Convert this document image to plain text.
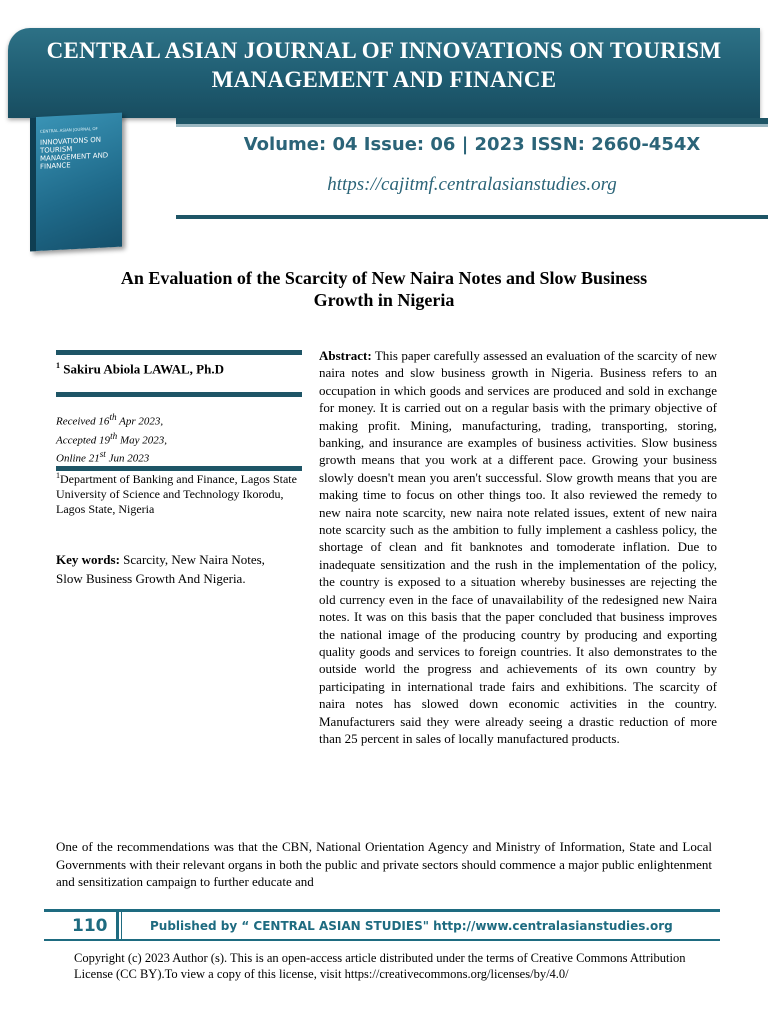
CENTRAL ASIAN JOURNAL OF INNOVATIONS ON TOURISM
MANAGEMENT AND FINANCE
Volume: 04 Issue: 06 | 2023 ISSN: 2660-454X
https://cajitmf.centralasianstudies.org
CENTRAL ASIAN JOURNAL OF
INNOVATIONS ON TOURISM MANAGEMENT AND FINANCE
An Evaluation of the Scarcity of New Naira Notes and Slow Business
Growth in Nigeria
$^1$ Sakiru Abiola LAWAL, Ph.D
Received 16th Apr 2023,
Accepted 19th May 2023,
Online 21st Jun 2023
$^1$Department of Banking and Finance, Lagos State University of Science and Technology Ikorodu, Lagos State, Nigeria
Key words: Scarcity, New Naira Notes, Slow Business Growth And Nigeria.
Abstract: This paper carefully assessed an evaluation of the scarcity of new naira notes and slow business growth in Nigeria. Business refers to an occupation in which goods and services are produced and sold in exchange for money. It is carried out on a regular basis with the primary objective of making profit. Mining, manufacturing, trading, transporting, storing, banking, and insurance are examples of business activities. Slow business growth means that you work at a different pace. Growing your business slowly doesn't mean you aren't successful. Slow growth means that you are making time to focus on other things too. It also reviewed the remedy to new naira note scarcity, new naira note related issues, extent of new naira note scarcity such as the ambition to fully implement a cashless policy, the shortage of clean and fit banknotes and tomoderate inflation. Due to inadequate sensitization and the rush in the implementation of the policy, the country is exposed to a situation whereby businesses are rejecting the old currency even in the face of unavailability of the redesigned new Naira notes. It was on this basis that the paper concluded that business improves the national image of the producing country by producing and exporting quality goods and services to foreign countries. It also demonstrates to the outside world the progress and achievements of its own country by participating in international trade fairs and exhibitions. The scarcity of naira notes has slowed down economic activities in the country. Manufacturers said they were already seeing a drastic reduction of more than 25 percent in sales of locally manufactured products.
One of the recommendations was that the CBN, National Orientation Agency and Ministry of Information, State and Local Governments with their relevant organs in both the public and private sectors should commence a major public enlightenment and sensitization campaign to further educate and
110	Published by “ CENTRAL ASIAN STUDIES" http://www.centralasianstudies.org
Copyright (c) 2023 Author (s). This is an open-access article distributed under the terms of Creative Commons Attribution License (CC BY).To view a copy of this license, visit https://creativecommons.org/licenses/by/4.0/
